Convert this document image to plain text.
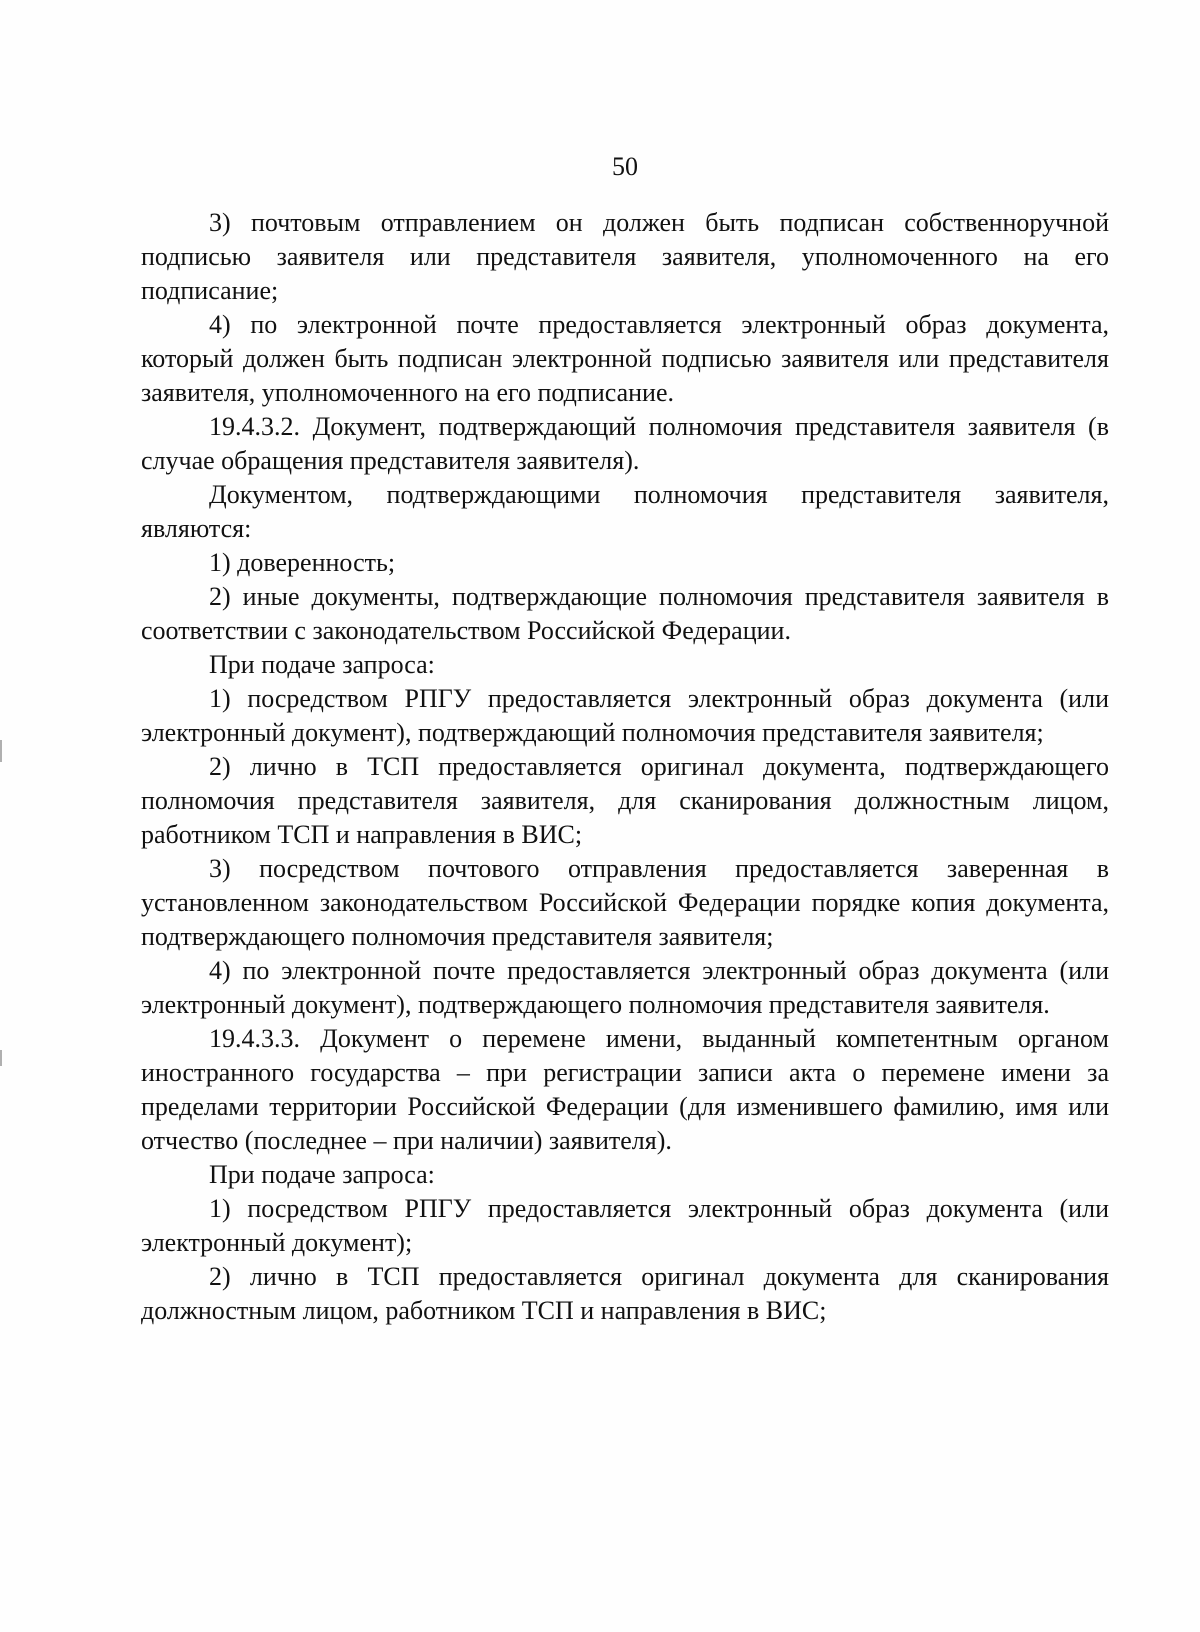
50

3) почтовым отправлением он должен быть подписан собственноручной подписью заявителя или представителя заявителя, уполномоченного на его подписание;

4) по электронной почте предоставляется электронный образ документа, который должен быть подписан электронной подписью заявителя или представителя заявителя, уполномоченного на его подписание.

19.4.3.2. Документ, подтверждающий полномочия представителя заявителя (в случае обращения представителя заявителя).

Документом, подтверждающими полномочия представителя заявителя, являются:

1) доверенность;

2) иные документы, подтверждающие полномочия представителя заявителя в соответствии с законодательством Российской Федерации.

При подаче запроса:

1) посредством РПГУ предоставляется электронный образ документа (или электронный документ), подтверждающий полномочия представителя заявителя;

2) лично в ТСП предоставляется оригинал документа, подтверждающего полномочия представителя заявителя, для сканирования должностным лицом, работником ТСП и направления в ВИС;

3) посредством почтового отправления предоставляется заверенная в установленном законодательством Российской Федерации порядке копия документа, подтверждающего полномочия представителя заявителя;

4) по электронной почте предоставляется электронный образ документа (или электронный документ), подтверждающего полномочия представителя заявителя.

19.4.3.3. Документ о перемене имени, выданный компетентным органом иностранного государства – при регистрации записи акта о перемене имени за пределами территории Российской Федерации (для изменившего фамилию, имя или отчество (последнее – при наличии) заявителя).

При подаче запроса:

1) посредством РПГУ предоставляется электронный образ документа (или электронный документ);

2) лично в ТСП предоставляется оригинал документа для сканирования должностным лицом, работником ТСП и направления в ВИС;
